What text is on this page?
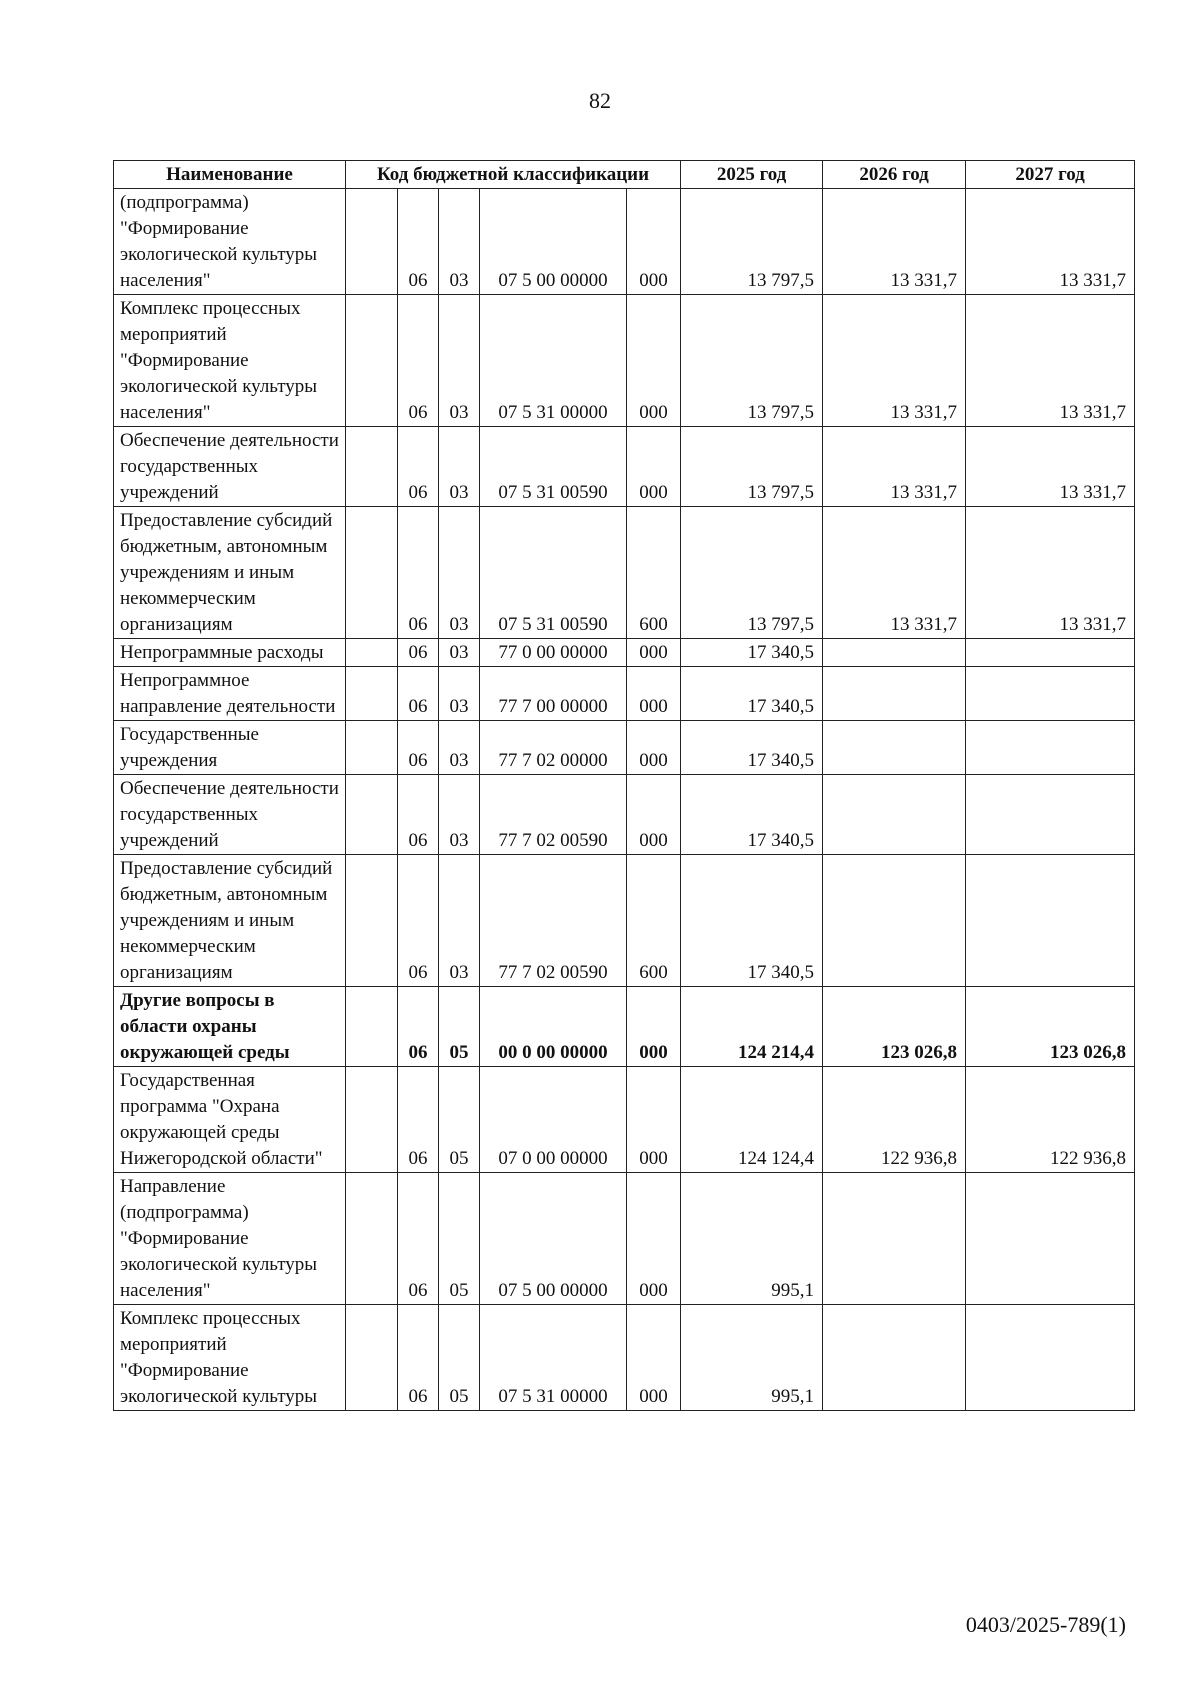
82
Наименование	Код бюджетной классификации					2025 год	2026 год	2027 год
(подпрограмма) "Формирование экологической культуры населения"		06	03	07 5 00 00000	000	13 797,5	13 331,7	13 331,7
Комплекс процессных мероприятий "Формирование экологической культуры населения"		06	03	07 5 31 00000	000	13 797,5	13 331,7	13 331,7
Обеспечение деятельности государственных учреждений		06	03	07 5 31 00590	000	13 797,5	13 331,7	13 331,7
Предоставление субсидий бюджетным, автономным учреждениям и иным некоммерческим организациям		06	03	07 5 31 00590	600	13 797,5	13 331,7	13 331,7
Непрограммные расходы		06	03	77 0 00 00000	000	17 340,5		
Непрограммное направление деятельности		06	03	77 7 00 00000	000	17 340,5		
Государственные учреждения		06	03	77 7 02 00000	000	17 340,5		
Обеспечение деятельности государственных учреждений		06	03	77 7 02 00590	000	17 340,5		
Предоставление субсидий бюджетным, автономным учреждениям и иным некоммерческим организациям		06	03	77 7 02 00590	600	17 340,5		
Другие вопросы в области охраны окружающей среды		06	05	00 0 00 00000	000	124 214,4	123 026,8	123 026,8
Государственная программа "Охрана окружающей среды Нижегородской области"		06	05	07 0 00 00000	000	124 124,4	122 936,8	122 936,8
Направление (подпрограмма) "Формирование экологической культуры населения"		06	05	07 5 00 00000	000	995,1		
Комплекс процессных мероприятий "Формирование экологической культуры		06	05	07 5 31 00000	000	995,1		
0403/2025-789(1)
